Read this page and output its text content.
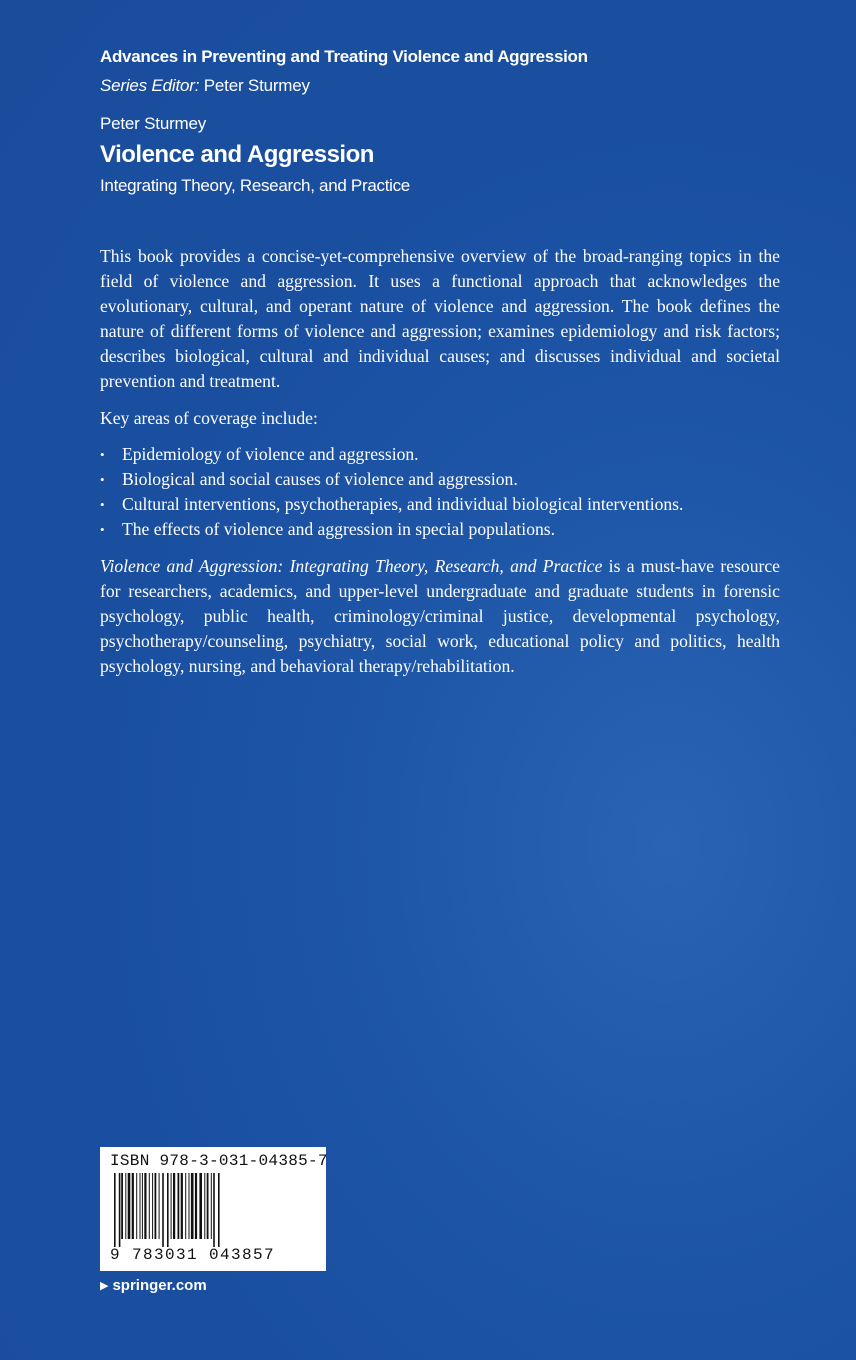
Advances in Preventing and Treating Violence and Aggression
Series Editor: Peter Sturmey
Peter Sturmey
Violence and Aggression
Integrating Theory, Research, and Practice

This book provides a concise-yet-comprehensive overview of the broad-ranging topics in the field of violence and aggression. It uses a functional approach that acknowledges the evolutionary, cultural, and operant nature of violence and aggression. The book defines the nature of different forms of violence and aggression; examines epidemiology and risk factors; describes biological, cultural and individual causes; and discusses individual and societal prevention and treatment.

Key areas of coverage include:

• Epidemiology of violence and aggression.
• Biological and social causes of violence and aggression.
• Cultural interventions, psychotherapies, and individual biological interventions.
• The effects of violence and aggression in special populations.

Violence and Aggression: Integrating Theory, Research, and Practice is a must-have resource for researchers, academics, and upper-level undergraduate and graduate students in forensic psychology, public health, criminology/criminal justice, developmental psychology, psychotherapy/counseling, psychiatry, social work, educational policy and politics, health psychology, nursing, and behavioral therapy/rehabilitation.

ISBN 978-3-031-04385-7
9 783031 043857
▶ springer.com
